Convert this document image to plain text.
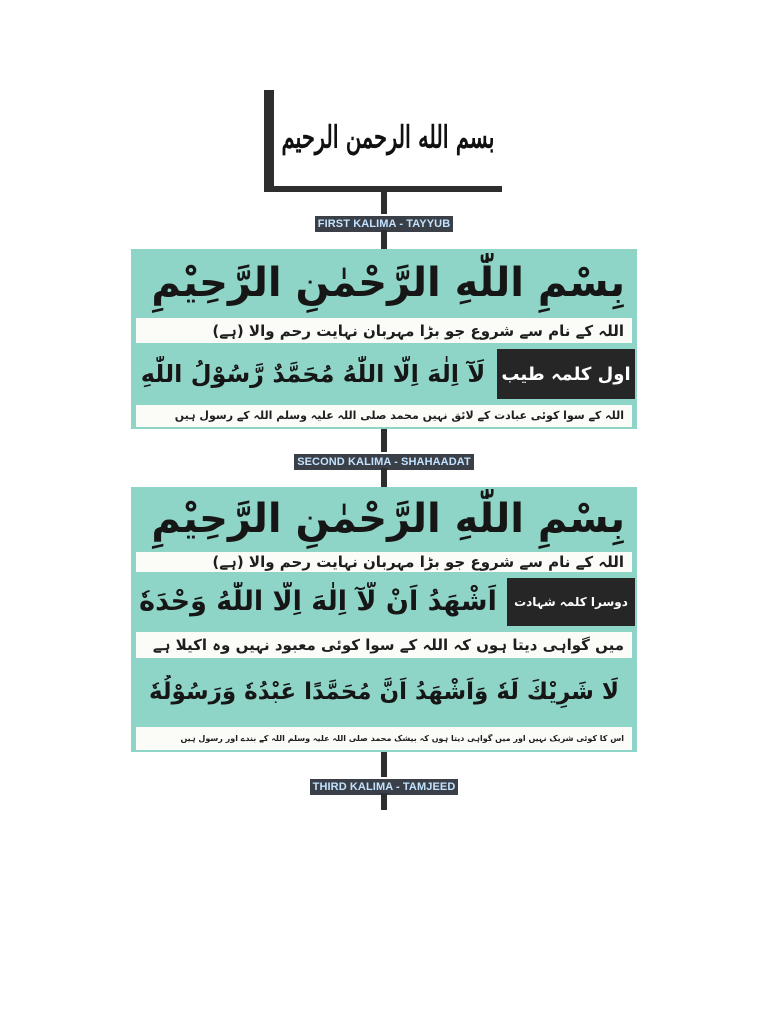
بسم الله الرحمن الرحيم
FIRST KALIMA - TAYYUB
بِسْمِ اللّٰهِ الرَّحْمٰنِ الرَّحِيْمِ
اللہ کے نام سے شروع جو بڑا مہربان نہایت رحم والا (ہے)
اول کلمہ طیب
لَآ اِلٰهَ اِلَّا اللّٰهُ مُحَمَّدٌ رَّسُوْلُ اللّٰهِ
اللہ کے سوا کوئی عبادت کے لائق نہیں محمد صلی اللہ علیہ وسلم اللہ کے رسول ہیں
SECOND KALIMA - SHAHAADAT
بِسْمِ اللّٰهِ الرَّحْمٰنِ الرَّحِيْمِ
اللہ کے نام سے شروع جو بڑا مہربان نہایت رحم والا (ہے)
دوسرا کلمہ شہادت
اَشْهَدُ اَنْ لَّآ اِلٰهَ اِلَّا اللّٰهُ وَحْدَهٗ
میں گواہی دیتا ہوں کہ اللہ کے سوا کوئی معبود نہیں وہ اکیلا ہے
لَا شَرِيْكَ لَهٗ وَاَشْهَدُ اَنَّ مُحَمَّدًا عَبْدُهٗ وَرَسُوْلُهٗ
اس کا کوئی شریک نہیں اور میں گواہی دیتا ہوں کہ بیشک محمد صلی اللہ علیہ وسلم اللہ کے بندے اور رسول ہیں
THIRD KALIMA - TAMJEED
